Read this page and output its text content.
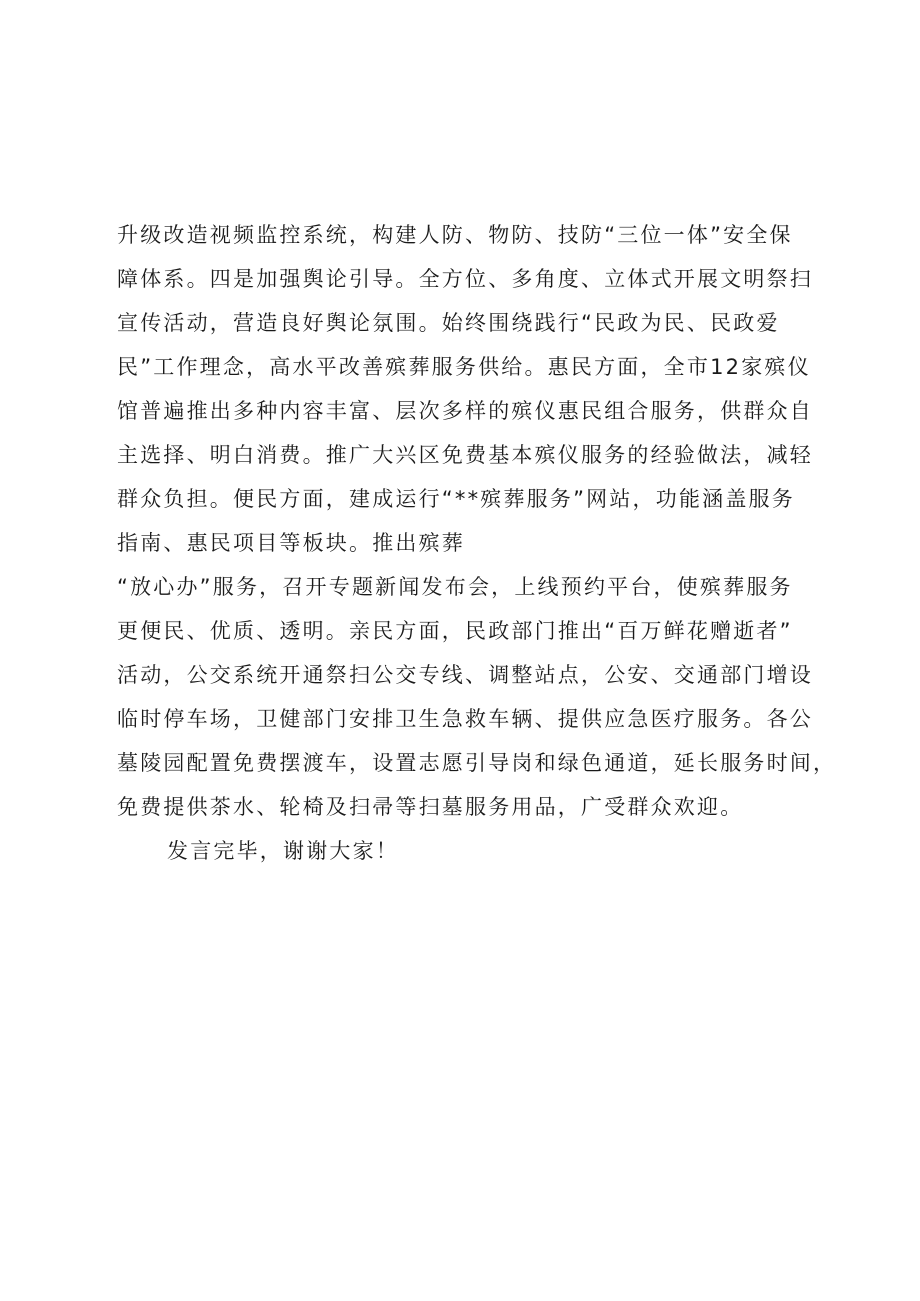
升级改造视频监控系统，构建人防、物防、技防“三位一体”安全保
障体系。四是加强舆论引导。全方位、多角度、立体式开展文明祭扫
宣传活动，营造良好舆论氛围。始终围绕践行“民政为民、民政爱
民”工作理念，高水平改善殡葬服务供给。惠民方面，全市12家殡仪
馆普遍推出多种内容丰富、层次多样的殡仪惠民组合服务，供群众自
主选择、明白消费。推广大兴区免费基本殡仪服务的经验做法，减轻
群众负担。便民方面，建成运行“**殡葬服务”网站，功能涵盖服务
指南、惠民项目等板块。推出殡葬
“放心办”服务，召开专题新闻发布会，上线预约平台，使殡葬服务
更便民、优质、透明。亲民方面，民政部门推出“百万鲜花赠逝者”
活动，公交系统开通祭扫公交专线、调整站点，公安、交通部门增设
临时停车场，卫健部门安排卫生急救车辆、提供应急医疗服务。各公
墓陵园配置免费摆渡车，设置志愿引导岗和绿色通道，延长服务时间，
免费提供茶水、轮椅及扫帚等扫墓服务用品，广受群众欢迎。
发言完毕，谢谢大家！
